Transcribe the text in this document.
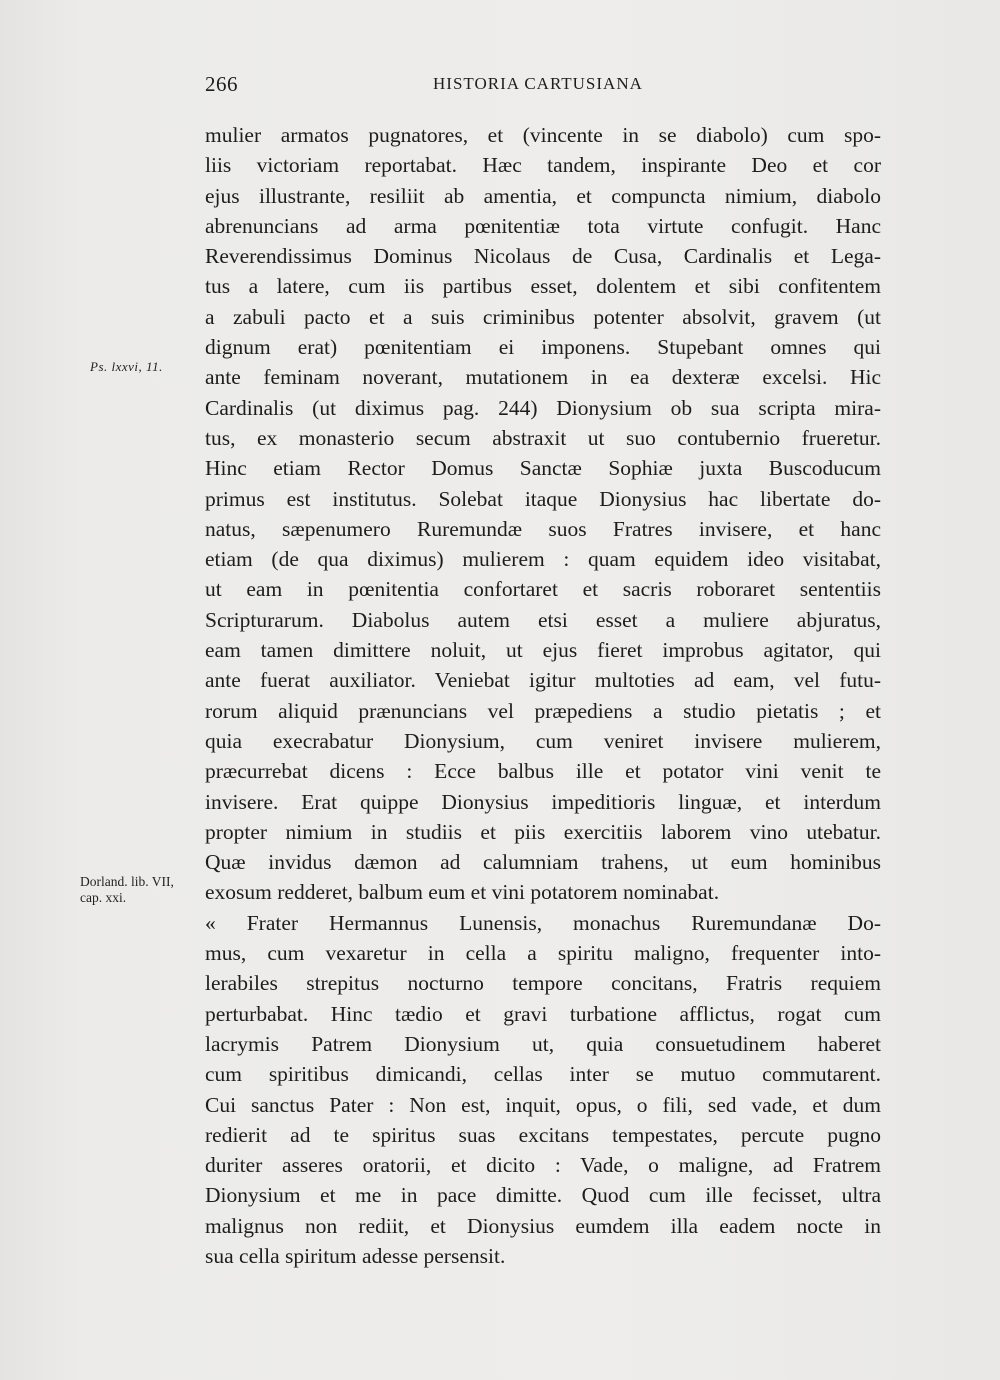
266	HISTORIA CARTUSIANA
Ps. lxxvi, 11.
Dorland. lib. VII,
cap. xxi.
mulier armatos pugnatores, et (vincente in se diabolo) cum spo-
liis victoriam reportabat. Hæc tandem, inspirante Deo et cor
ejus illustrante, resiliit ab amentia, et compuncta nimium, diabolo
abrenuncians ad arma pœnitentiæ tota virtute confugit. Hanc
Reverendissimus Dominus Nicolaus de Cusa, Cardinalis et Lega-
tus a latere, cum iis partibus esset, dolentem et sibi confitentem
a zabuli pacto et a suis criminibus potenter absolvit, gravem (ut
dignum erat) pœnitentiam ei imponens. Stupebant omnes qui
ante feminam noverant, mutationem in ea dexteræ excelsi. Hic
Cardinalis (ut diximus pag. 244) Dionysium ob sua scripta mira-
tus, ex monasterio secum abstraxit ut suo contubernio frueretur.
Hinc etiam Rector Domus Sanctæ Sophiæ juxta Buscoducum
primus est institutus. Solebat itaque Dionysius hac libertate do-
natus, sæpenumero Ruremundæ suos Fratres invisere, et hanc
etiam (de qua diximus) mulierem : quam equidem ideo visitabat,
ut eam in pœnitentia confortaret et sacris roboraret sententiis
Scripturarum. Diabolus autem etsi esset a muliere abjuratus,
eam tamen dimittere noluit, ut ejus fieret improbus agitator, qui
ante fuerat auxiliator. Veniebat igitur multoties ad eam, vel futu-
rorum aliquid prænuncians vel præpediens a studio pietatis ; et
quia execrabatur Dionysium, cum veniret invisere mulierem,
præcurrebat dicens : Ecce balbus ille et potator vini venit te
invisere. Erat quippe Dionysius impeditioris linguæ, et interdum
propter nimium in studiis et piis exercitiis laborem vino utebatur.
Quæ invidus dæmon ad calumniam trahens, ut eum hominibus
exosum redderet, balbum eum et vini potatorem nominabat.
« Frater Hermannus Lunensis, monachus Ruremundanæ Do-
mus, cum vexaretur in cella a spiritu maligno, frequenter into-
lerabiles strepitus nocturno tempore concitans, Fratris requiem
perturbabat. Hinc tædio et gravi turbatione afflictus, rogat cum
lacrymis Patrem Dionysium ut, quia consuetudinem haberet
cum spiritibus dimicandi, cellas inter se mutuo commutarent.
Cui sanctus Pater : Non est, inquit, opus, o fili, sed vade, et dum
redierit ad te spiritus suas excitans tempestates, percute pugno
duriter asseres oratorii, et dicito : Vade, o maligne, ad Fratrem
Dionysium et me in pace dimitte. Quod cum ille fecisset, ultra
malignus non rediit, et Dionysius eumdem illa eadem nocte in
sua cella spiritum adesse persensit.
